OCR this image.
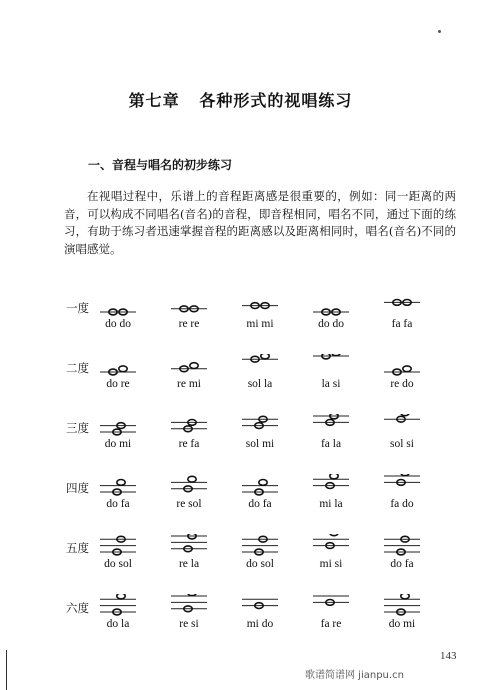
第七章   各种形式的视唱练习
一、音程与唱名的初步练习

在视唱过程中，乐谱上的音程距离感是很重要的，例如：同一距离的两音，可以构成不同唱名(音名)的音程，即音程相同，唱名不同，通过下面的练习，有助于练习者迅速掌握音程的距离感以及距离相同时，唱名(音名)不同的演唱感觉。

一度
do do	re re	mi mi	do do	fa fa
二度
do re	re mi	sol la	la si	re do
三度
do mi	re fa	sol mi	fa la	sol si
四度
do fa	re sol	do fa	mi la	fa do
五度
do sol	re la	do sol	mi si	do fa
六度
do la	re si	mi do	fa re	do mi
143
歌谱简谱网 jianpu.cn
